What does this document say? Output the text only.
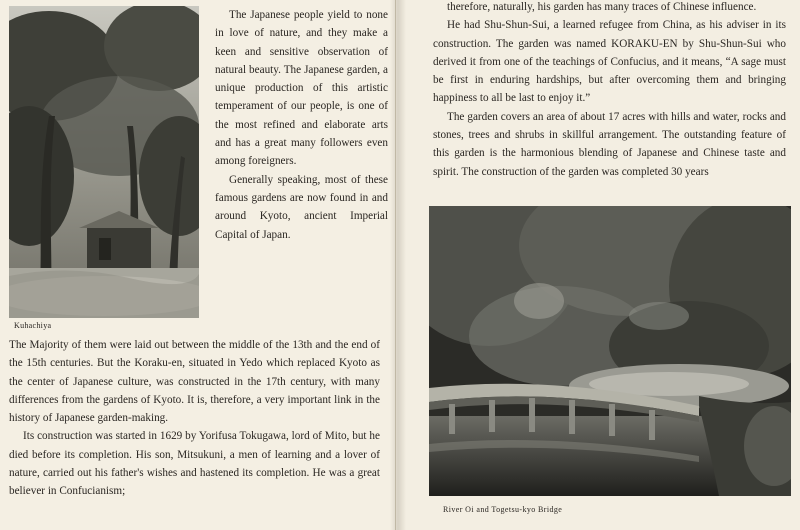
Kuhachiya

The Japanese people yield to none in love of nature, and they make a keen and sensitive observation of natural beauty. The Japanese garden, a unique production of this artistic temperament of our people, is one of the most refined and elaborate arts and has a great many followers even among foreigners.

Generally speaking, most of these famous gardens are now found in and around Kyoto, ancient Imperial Capital of Japan.

The Majority of them were laid out between the middle of the 13th and the end of the 15th centuries. But the Koraku-en, situated in Yedo which replaced Kyoto as the center of Japanese culture, was constructed in the 17th century, with many differences from the gardens of Kyoto. It is, therefore, a very important link in the history of Japanese garden-making.

Its construction was started in 1629 by Yorifusa Tokugawa, lord of Mito, but he died before its completion. His son, Mitsukuni, a men of learning and a lover of nature, carried out his father's wishes and hastened its completion. He was a great believer in Confucianism;

therefore, naturally, his garden has many traces of Chinese influence.

He had Shu-Shun-Sui, a learned refugee from China, as his adviser in its construction. The garden was named KORAKU-EN by Shu-Shun-Sui who derived it from one of the teachings of Confucius, and it means, “A sage must be first in enduring hardships, but after overcoming them and bringing happiness to all be last to enjoy it.”

The garden covers an area of about 17 acres with hills and water, rocks and stones, trees and shrubs in skillful arrangement. The outstanding feature of this garden is the harmonious blending of Japanese and Chinese taste and spirit. The construction of the garden was completed 30 years

River Oi and Togetsu-kyo Bridge
